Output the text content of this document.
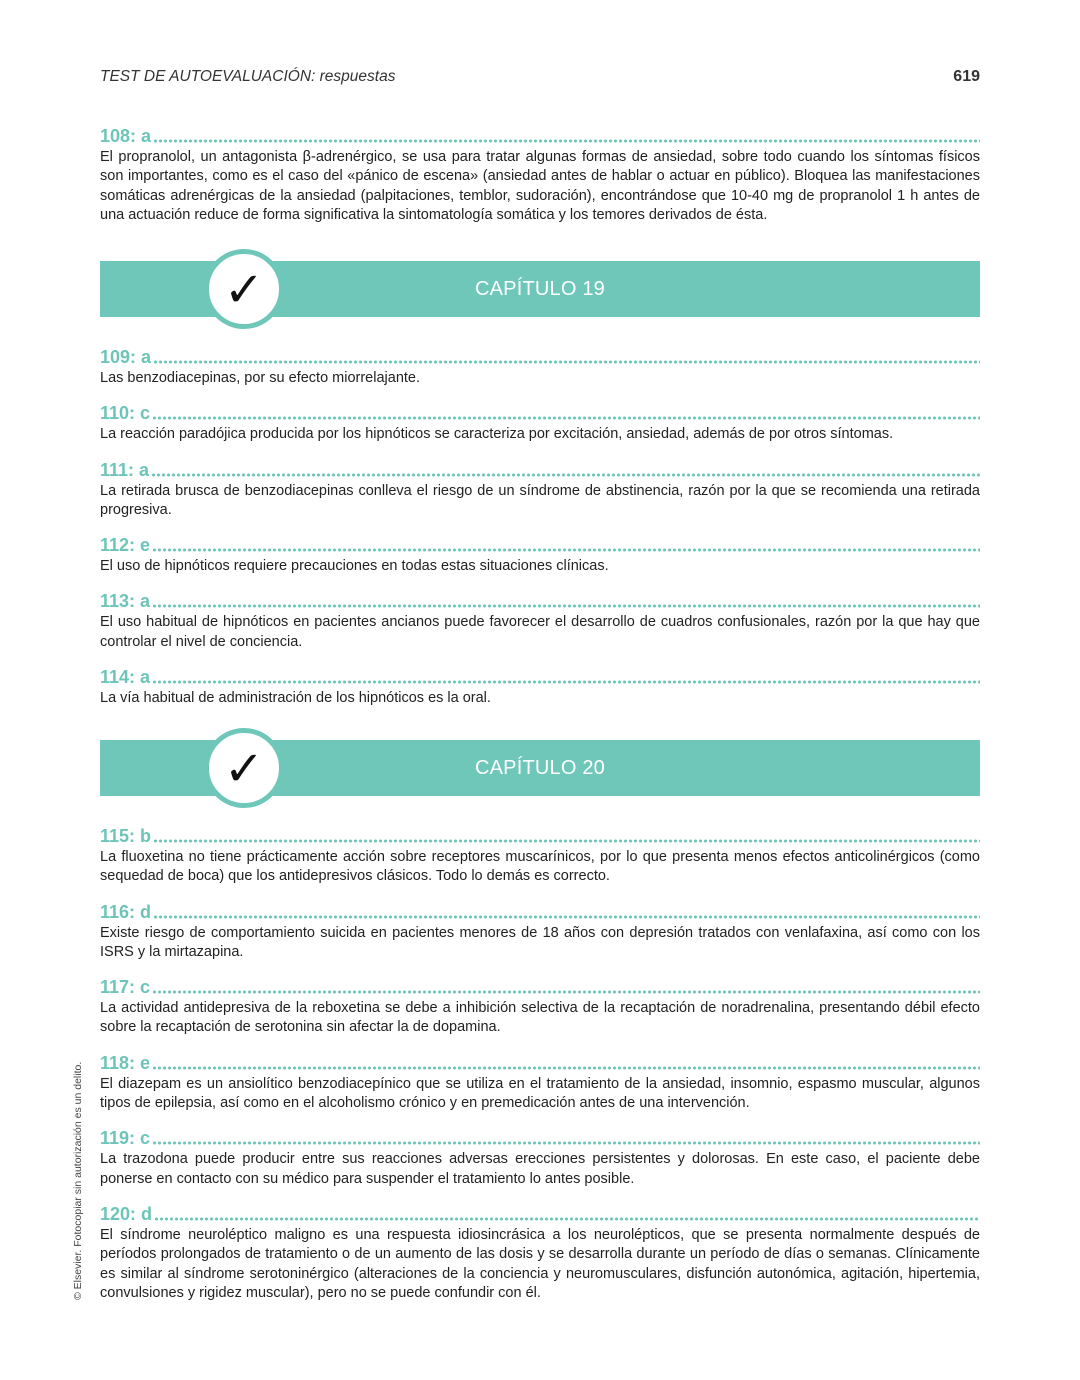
TEST DE AUTOEVALUACIÓN: respuestas	619
108: a
El propranolol, un antagonista β-adrenérgico, se usa para tratar algunas formas de ansiedad, sobre todo cuando los síntomas físicos son importantes, como es el caso del «pánico de escena» (ansiedad antes de hablar o actuar en público). Bloquea las manifestaciones somáticas adrenérgicas de la ansiedad (palpitaciones, temblor, sudoración), encontrándose que 10-40 mg de propranolol 1 h antes de una actuación reduce de forma significativa la sintomatología somática y los temores derivados de ésta.
✓	CAPÍTULO 19
109: a
Las benzodiacepinas, por su efecto miorrelajante.
110: c
La reacción paradójica producida por los hipnóticos se caracteriza por excitación, ansiedad, además de por otros síntomas.
111: a
La retirada brusca de benzodiacepinas conlleva el riesgo de un síndrome de abstinencia, razón por la que se recomienda una retirada progresiva.
112: e
El uso de hipnóticos requiere precauciones en todas estas situaciones clínicas.
113: a
El uso habitual de hipnóticos en pacientes ancianos puede favorecer el desarrollo de cuadros confusionales, razón por la que hay que controlar el nivel de conciencia.
114: a
La vía habitual de administración de los hipnóticos es la oral.
✓	CAPÍTULO 20
115: b
La fluoxetina no tiene prácticamente acción sobre receptores muscarínicos, por lo que presenta menos efectos anticolinérgicos (como sequedad de boca) que los antidepresivos clásicos. Todo lo demás es correcto.
116: d
Existe riesgo de comportamiento suicida en pacientes menores de 18 años con depresión tratados con venlafaxina, así como con los ISRS y la mirtazapina.
117: c
La actividad antidepresiva de la reboxetina se debe a inhibición selectiva de la recaptación de noradrenalina, presentando débil efecto sobre la recaptación de serotonina sin afectar la de dopamina.
118: e
El diazepam es un ansiolítico benzodiacepínico que se utiliza en el tratamiento de la ansiedad, insomnio, espasmo muscular, algunos tipos de epilepsia, así como en el alcoholismo crónico y en premedicación antes de una intervención.
119: c
La trazodona puede producir entre sus reacciones adversas erecciones persistentes y dolorosas. En este caso, el paciente debe ponerse en contacto con su médico para suspender el tratamiento lo antes posible.
120: d
El síndrome neuroléptico maligno es una respuesta idiosincrásica a los neurolépticos, que se presenta normalmente después de períodos prolongados de tratamiento o de un aumento de las dosis y se desarrolla durante un período de días o semanas. Clínicamente es similar al síndrome serotoninérgico (alteraciones de la conciencia y neuromusculares, disfunción autonómica, agitación, hipertemia, convulsiones y rigidez muscular), pero no se puede confundir con él.
© Elsevier. Fotocopiar sin autorización es un delito.
